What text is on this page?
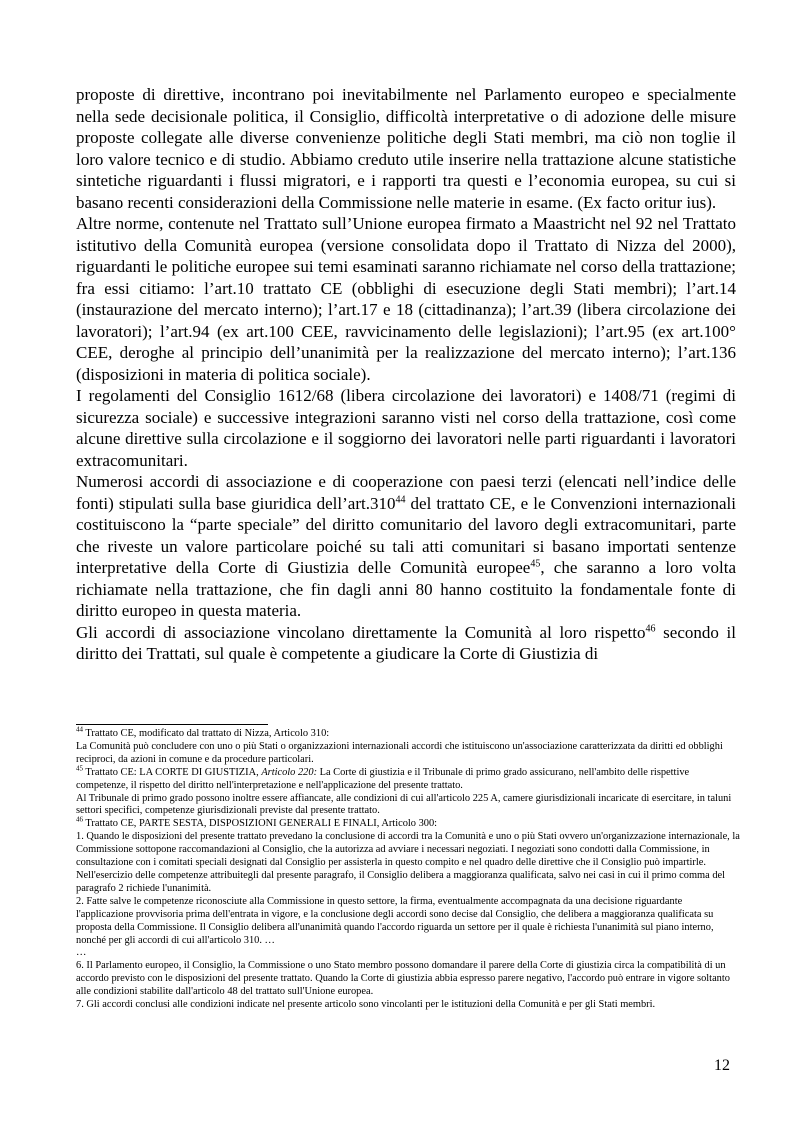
proposte di direttive, incontrano poi inevitabilmente nel Parlamento europeo e specialmente nella sede decisionale politica, il Consiglio, difficoltà interpretative o di adozione delle misure proposte collegate alle diverse convenienze politiche degli Stati membri, ma ciò non toglie il loro valore tecnico e di studio. Abbiamo creduto utile inserire nella trattazione alcune statistiche sintetiche riguardanti i flussi migratori, e i rapporti tra questi e l’economia europea, su cui si basano recenti considerazioni della Commissione nelle materie in esame. (Ex facto oritur ius).

Altre norme, contenute nel Trattato sull’Unione europea firmato a Maastricht nel 92 nel Trattato istitutivo della Comunità europea (versione consolidata dopo il Trattato di Nizza del 2000), riguardanti le politiche europee sui temi esaminati saranno richiamate nel corso della trattazione; fra essi citiamo: l’art.10 trattato CE (obblighi di esecuzione degli Stati membri); l’art.14 (instaurazione del mercato interno); l’art.17 e 18 (cittadinanza); l’art.39 (libera circolazione dei lavoratori); l’art.94 (ex art.100 CEE, ravvicinamento delle legislazioni); l’art.95 (ex art.100° CEE, deroghe al principio dell’unanimità per la realizzazione del mercato interno); l’art.136 (disposizioni in materia di politica sociale).

I regolamenti del Consiglio 1612/68 (libera circolazione dei lavoratori) e 1408/71 (regimi di sicurezza sociale) e successive integrazioni saranno visti nel corso della trattazione, così come alcune direttive sulla circolazione e il soggiorno dei lavoratori nelle parti riguardanti i lavoratori extracomunitari.

Numerosi accordi di associazione e di cooperazione con paesi terzi (elencati nell’indice delle fonti) stipulati sulla base giuridica dell’art.310$^{44}$ del trattato CE, e le Convenzioni internazionali costituiscono la “parte speciale” del diritto comunitario del lavoro degli extracomunitari, parte che riveste un valore particolare poiché su tali atti comunitari si basano importati sentenze interpretative della Corte di Giustizia delle Comunità europee$^{45}$, che saranno a loro volta richiamate nella trattazione, che fin dagli anni 80 hanno costituito la fondamentale fonte di diritto europeo in questa materia.

Gli accordi di associazione vincolano direttamente la Comunità al loro rispetto$^{46}$ secondo il diritto dei Trattati, sul quale è competente a giudicare la Corte di Giustizia di

$^{44}$ Trattato CE, modificato dal trattato di Nizza, Articolo 310:

La Comunità può concludere con uno o più Stati o organizzazioni internazionali accordi che istituiscono un'associazione caratterizzata da diritti ed obblighi reciproci, da azioni in comune e da procedure particolari.

$^{45}$ Trattato CE: LA CORTE DI GIUSTIZIA, Articolo 220: La Corte di giustizia e il Tribunale di primo grado assicurano, nell'ambito delle rispettive competenze, il rispetto del diritto nell'interpretazione e nell'applicazione del presente trattato.

Al Tribunale di primo grado possono inoltre essere affiancate, alle condizioni di cui all'articolo 225 A, camere giurisdizionali incaricate di esercitare, in taluni settori specifici, competenze giurisdizionali previste dal presente trattato.

$^{46}$ Trattato CE, PARTE SESTA, DISPOSIZIONI GENERALI E FINALI, Articolo 300:

1. Quando le disposizioni del presente trattato prevedano la conclusione di accordi tra la Comunità e uno o più Stati ovvero un'organizzazione internazionale, la Commissione sottopone raccomandazioni al Consiglio, che la autorizza ad avviare i necessari negoziati. I negoziati sono condotti dalla Commissione, in consultazione con i comitati speciali designati dal Consiglio per assisterla in questo compito e nel quadro delle direttive che il Consiglio può impartirle. Nell'esercizio delle competenze attribuitegli dal presente paragrafo, il Consiglio delibera a maggioranza qualificata, salvo nei casi in cui il primo comma del paragrafo 2 richiede l'unanimità.

2. Fatte salve le competenze riconosciute alla Commissione in questo settore, la firma, eventualmente accompagnata da una decisione riguardante l'applicazione provvisoria prima dell'entrata in vigore, e la conclusione degli accordi sono decise dal Consiglio, che delibera a maggioranza qualificata su proposta della Commissione. Il Consiglio delibera all'unanimità quando l'accordo riguarda un settore per il quale è richiesta l'unanimità sul piano interno, nonché per gli accordi di cui all'articolo 310. …

…

6. Il Parlamento europeo, il Consiglio, la Commissione o uno Stato membro possono domandare il parere della Corte di giustizia circa la compatibilità di un accordo previsto con le disposizioni del presente trattato. Quando la Corte di giustizia abbia espresso parere negativo, l'accordo può entrare in vigore soltanto alle condizioni stabilite dall'articolo 48 del trattato sull'Unione europea.

7. Gli accordi conclusi alle condizioni indicate nel presente articolo sono vincolanti per le istituzioni della Comunità e per gli Stati membri.

12
